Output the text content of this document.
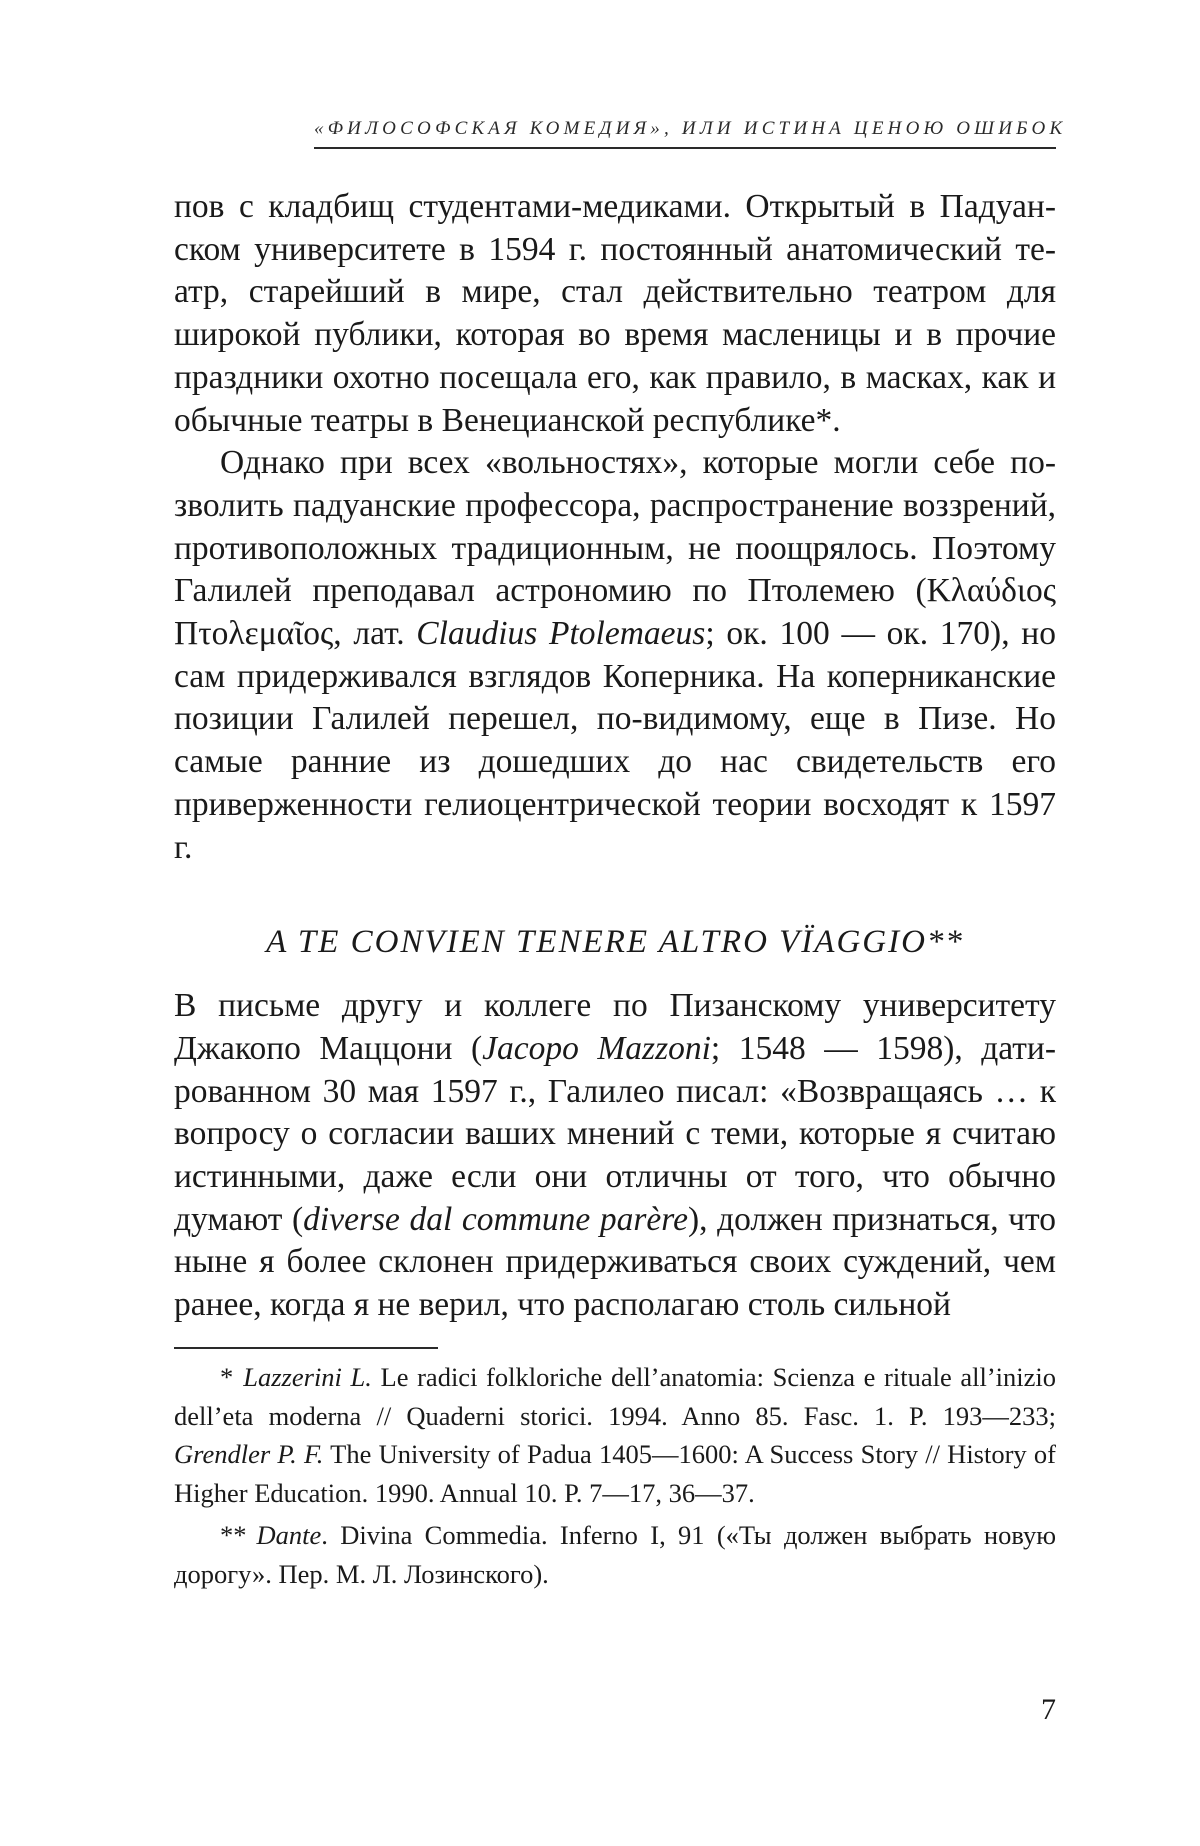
«ФИЛОСОФСКАЯ КОМЕДИЯ», ИЛИ ИСТИНА ЦЕНОЮ ОШИБОК

пов с кладбищ студентами-медиками. Открытый в Падуанском университете в 1594 г. постоянный анатомический театр, старейший в мире, стал действительно театром для широкой публики, которая во время масленицы и в прочие праздники охотно посещала его, как правило, в масках, как и обычные театры в Венецианской республике*.

Однако при всех «вольностях», которые могли себе позволить падуанские профессора, распространение воззрений, противоположных традиционным, не поощрялось. Поэтому Галилей преподавал астрономию по Птолемею (Κλαύδιος Πτολεμαῖος, лат. Claudius Ptolemaeus; ок. 100 — ок. 170), но сам придерживался взглядов Коперника. На коперниканские позиции Галилей перешел, по-видимому, еще в Пизе. Но самые ранние из дошедших до нас свидетельств его приверженности гелиоцентрической теории восходят к 1597 г.

A TE CONVIEN TENERE ALTRO VÏAGGIO**

В письме другу и коллеге по Пизанскому университету Джакопо Маццони (Jacopo Mazzoni; 1548 — 1598), датированном 30 мая 1597 г., Галилео писал: «Возвращаясь … к вопросу о согласии ваших мнений с теми, которые я считаю истинными, даже если они отличны от того, что обычно думают (diverse dal commune parère), должен признаться, что ныне я более склонен придерживаться своих суждений, чем ранее, когда я не верил, что располагаю столь сильной

* Lazzerini L. Le radici folkloriche dell’anatomia: Scienza e rituale all’inizio dell’eta moderna // Quaderni storici. 1994. Anno 85. Fasc. 1. P. 193—233; Grendler P. F. The University of Padua 1405—1600: A Success Story // History of Higher Education. 1990. Annual 10. P. 7—17, 36—37.

** Dante. Divina Commedia. Inferno I, 91 («Ты должен выбрать новую дорогу». Пер. М. Л. Лозинского).

7
